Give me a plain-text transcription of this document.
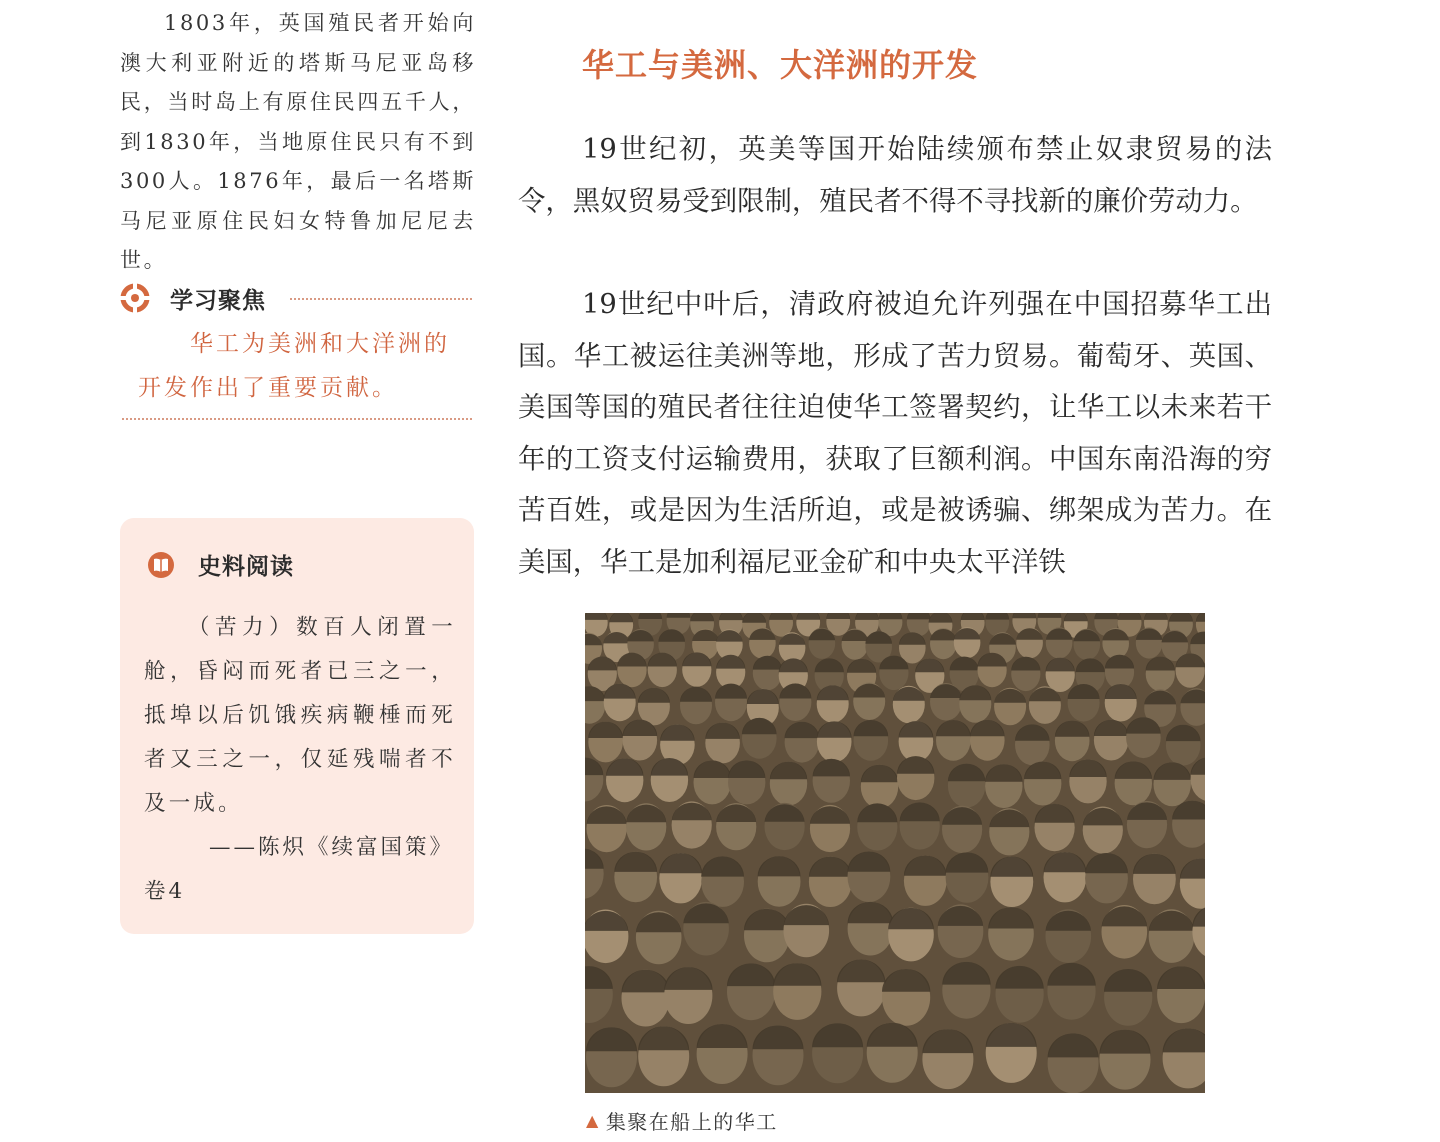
1803年，英国殖民者开始向澳大利亚附近的塔斯马尼亚岛移民，当时岛上有原住民四五千人，到1830年，当地原住民只有不到300人。1876年，最后一名塔斯马尼亚原住民妇女特鲁加尼尼去世。
学习聚焦
华工为美洲和大洋洲的开发作出了重要贡献。
史料阅读
（苦力）数百人闭置一舱，昏闷而死者已三之一，抵埠以后饥饿疾病鞭棰而死者又三之一，仅延残喘者不及一成。
——陈炽《续富国策》
卷4
华工与美洲、大洋洲的开发

19世纪初，英美等国开始陆续颁布禁止奴隶贸易的法令，黑奴贸易受到限制，殖民者不得不寻找新的廉价劳动力。

19世纪中叶后，清政府被迫允许列强在中国招募华工出国。华工被运往美洲等地，形成了苦力贸易。葡萄牙、英国、美国等国的殖民者往往迫使华工签署契约，让华工以未来若干年的工资支付运输费用，获取了巨额利润。中国东南沿海的穷苦百姓，或是因为生活所迫，或是被诱骗、绑架成为苦力。在美国，华工是加利福尼亚金矿和中央太平洋铁

▲ 集聚在船上的华工
